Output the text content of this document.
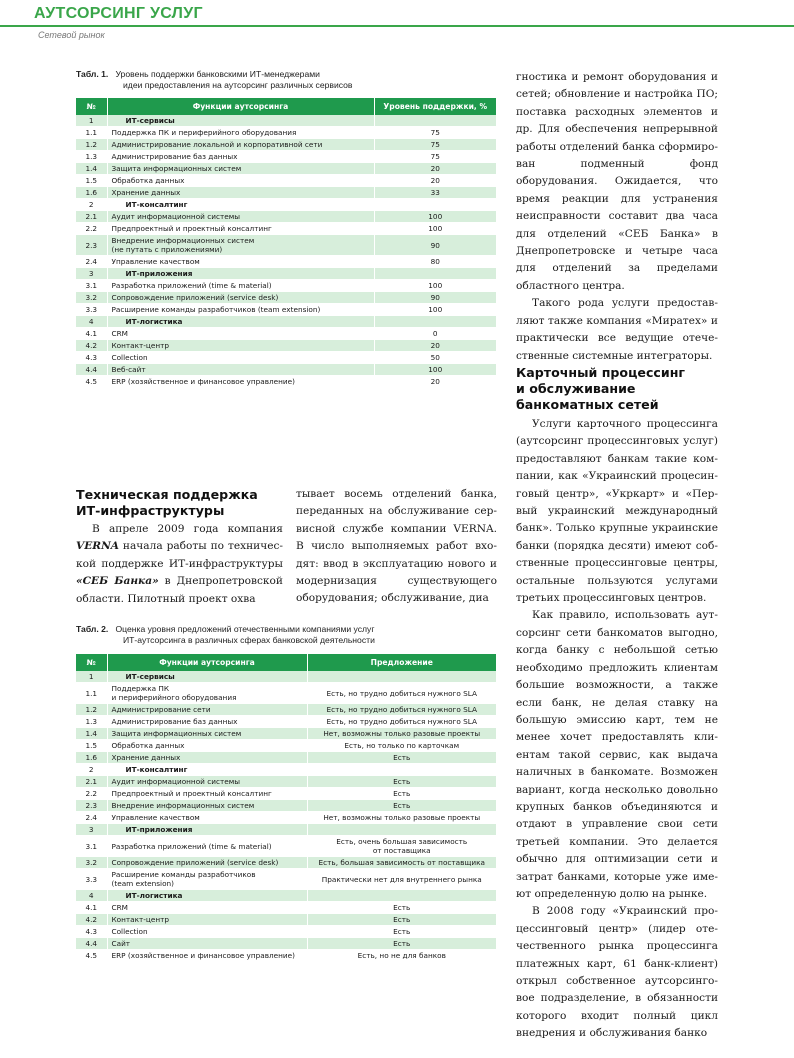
АУТСОРСИНГ УСЛУГ
Сетевой рынок
Табл. 1. Уровень поддержки банковскими ИТ-менеджерами
идеи предоставления на аутсорсинг различных сервисов
№	Функции аутсорсинга	Уровень поддержки, %
1	ИТ-сервисы	
1.1	Поддержка ПК и периферийного оборудования	75
1.2	Администрирование локальной и корпоративной сети	75
1.3	Администрирование баз данных	75
1.4	Защита информационных систем	20
1.5	Обработка данных	20
1.6	Хранение данных	33
2	ИТ-консалтинг	
2.1	Аудит информационной системы	100
2.2	Предпроектный и проектный консалтинг	100
2.3	Внедрение информационных систем
(не путать с приложениями)	90
2.4	Управление качеством	80
3	ИТ-приложения	
3.1	Разработка приложений (time & material)	100
3.2	Сопровождение приложений (service desk)	90
3.3	Расширение команды разработчиков (team extension)	100
4	ИТ-логистика	
4.1	CRM	0
4.2	Контакт-центр	20
4.3	Collection	50
4.4	Веб-сайт	100
4.5	ERP (хозяйственное и финансовое управление)	20
Техническая поддержка
ИТ-инфраструктуры

В апреле 2009 года компания VERNA начала работы по технической поддержке ИТ-инфраструктуры «СЕБ Банка» в Днепропетровской области. Пилотный проект охва

тывает восемь отделений банка, переданных на обслуживание сервисной службе компании VERNA. В число выполняемых работ входят: ввод в эксплуатацию нового и модернизация существующего оборудования; обслуживание, диа

Табл. 2. Оценка уровня предложений отечественными компаниями услуг
ИТ-аутсорсинга в различных сферах банковской деятельности
№	Функции аутсорсинга	Предложение
1	ИТ-сервисы	
1.1	Поддержка ПК
и периферийного оборудования	Есть, но трудно добиться нужного SLA
1.2	Администрирование сети	Есть, но трудно добиться нужного SLA
1.3	Администрирование баз данных	Есть, но трудно добиться нужного SLA
1.4	Защита информационных систем	Нет, возможны только разовые проекты
1.5	Обработка данных	Есть, но только по карточкам
1.6	Хранение данных	Есть
2	ИТ-консалтинг	
2.1	Аудит информационной системы	Есть
2.2	Предпроектный и проектный консалтинг	Есть
2.3	Внедрение информационных систем	Есть
2.4	Управление качеством	Нет, возможны только разовые проекты
3	ИТ-приложения	
3.1	Разработка приложений (time & material)	Есть, очень большая зависимость
от поставщика
3.2	Сопровождение приложений (service desk)	Есть, большая зависимость от поставщика
3.3	Расширение команды разработчиков
(team extension)	Практически нет для внутреннего рынка
4	ИТ-логистика	
4.1	CRM	Есть
4.2	Контакт-центр	Есть
4.3	Collection	Есть
4.4	Сайт	Есть
4.5	ERP (хозяйственное и финансовое управление)	Есть, но не для банков

гностика и ремонт оборудования и сетей; обновление и настройка ПО; поставка расходных элементов и др. Для обеспечения непрерывной работы отделений банка сформирован подменный фонд оборудования. Ожидается, что время реакции для устранения неисправности составит два часа для отделений «СЕБ Банка» в Днепропетровске и четыре часа для отделений за пределами областного центра.

Такого рода услуги предоставляют также компания «Миратех» и практически все ведущие отечественные системные интеграторы.

Карточный процессинг
и обслуживание
банкоматных сетей

Услуги карточного процессинга (аутсорсинг процессинговых услуг) предоставляют банкам такие компании, как «Украинский процесинговый центр», «Укркарт» и «Первый украинский международный банк». Только крупные украинские банки (порядка десяти) имеют собственные процессинговые центры, остальные пользуются услугами третьих процессинговых центров.

Как правило, использовать аутсорсинг сети банкоматов выгодно, когда банку с небольшой сетью необходимо предложить клиентам большие возможности, а также если банк, не делая ставку на большую эмиссию карт, тем не менее хочет предоставлять клиентам такой сервис, как выдача наличных в банкомате. Возможен вариант, когда несколько довольно крупных банков объединяются и отдают в управление свои сети третьей компании. Это делается обычно для оптимизации сети и затрат банками, которые уже имеют определенную долю на рынке.

В 2008 году «Украинский процессинговый центр» (лидер отечественного рынка процессинга платежных карт, 61 банк-клиент) открыл собственное аутсорсинговое подразделение, в обязанности которого входит полный цикл внедрения и обслуживания банко
